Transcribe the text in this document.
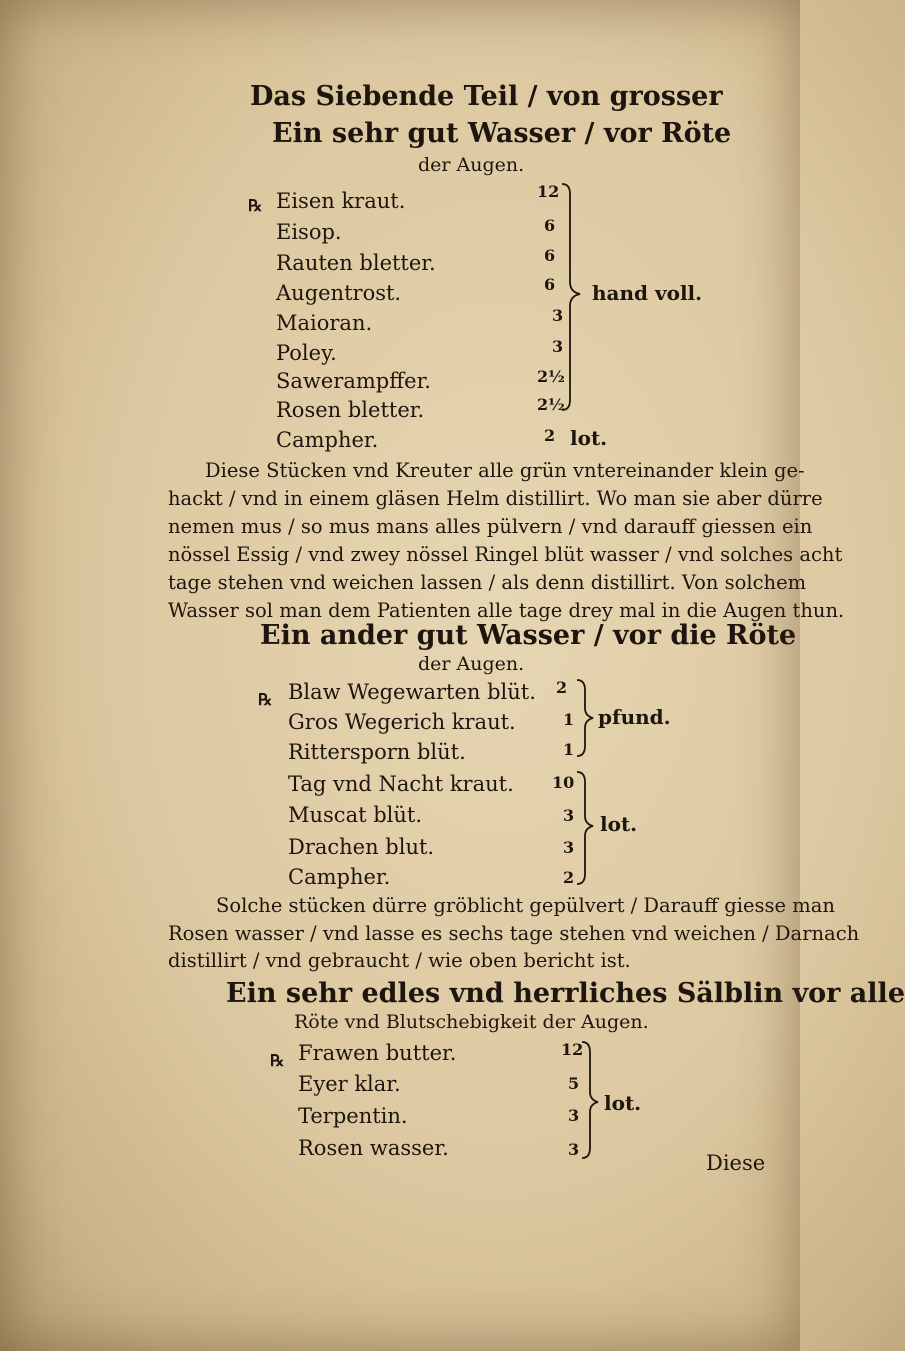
Das Siebende Teil / von grosser
Ein sehr gut Wasser / vor Röte
der Augen.
℞ Eisen kraut.
Eisop.
Rauten bletter.
Augentrost.
Maioran.
Poley.
Sawerampffer.
Rosen bletter.
Campher.
12
6
6
6
3
3
2½
2½
2
hand voll.
lot.
Diese Stücken vnd Kreuter alle grün vntereinander klein ge-
hackt / vnd in einem gläsen Helm distillirt. Wo man sie aber dürre
nemen mus / so mus mans alles pülvern / vnd darauff giessen ein
nössel Essig / vnd zwey nössel Ringel blüt wasser / vnd solches acht
tage stehen vnd weichen lassen / als denn distillirt. Von solchem
Wasser sol man dem Patienten alle tage drey mal in die Augen thun.
Ein ander gut Wasser / vor die Röte
der Augen.
℞ Blaw Wegewarten blüt.
Gros Wegerich kraut.
Rittersporn blüt.
Tag vnd Nacht kraut.
Muscat blüt.
Drachen blut.
Campher.
2
1
1
10
3
3
2
pfund.
lot.
Solche stücken dürre gröblicht gepülvert / Darauff giesse man
Rosen wasser / vnd lasse es sechs tage stehen vnd weichen / Darnach
distillirt / vnd gebraucht / wie oben bericht ist.
Ein sehr edles vnd herrliches Sälblin vor alle
Röte vnd Blutschebigkeit der Augen.
℞ Frawen butter.
Eyer klar.
Terpentin.
Rosen wasser.
12
5
3
3
lot.
Diese
